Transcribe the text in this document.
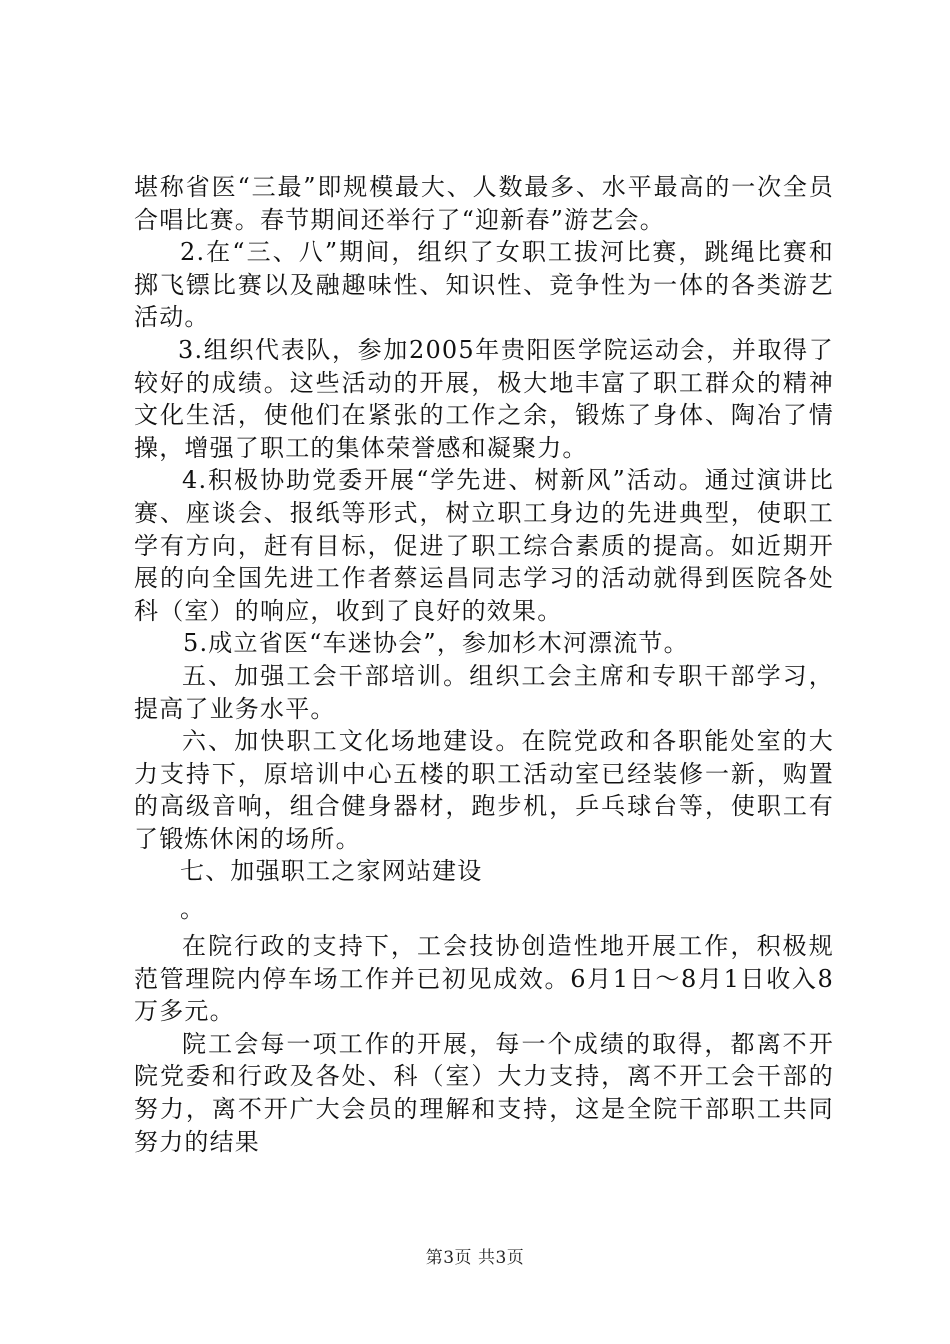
堪称省医“三最”即规模最大、人数最多、水平最高的一次全员合唱比赛。春节期间还举行了“迎新春”游艺会。

2.在“三、八”期间，组织了女职工拔河比赛，跳绳比赛和掷飞镖比赛以及融趣味性、知识性、竞争性为一体的各类游艺活动。

3.组织代表队，参加2005年贵阳医学院运动会，并取得了较好的成绩。这些活动的开展，极大地丰富了职工群众的精神文化生活，使他们在紧张的工作之余，锻炼了身体、陶冶了情操，增强了职工的集体荣誉感和凝聚力。

4.积极协助党委开展“学先进、树新风”活动。通过演讲比赛、座谈会、报纸等形式，树立职工身边的先进典型，使职工学有方向，赶有目标，促进了职工综合素质的提高。如近期开展的向全国先进工作者蔡运昌同志学习的活动就得到医院各处科（室）的响应，收到了良好的效果。

5.成立省医“车迷协会”，参加杉木河漂流节。

五、加强工会干部培训。组织工会主席和专职干部学习，提高了业务水平。

六、加快职工文化场地建设。在院党政和各职能处室的大力支持下，原培训中心五楼的职工活动室已经装修一新，购置的高级音响，组合健身器材，跑步机，乒乓球台等，使职工有了锻炼休闲的场所。

七、加强职工之家网站建设

。

在院行政的支持下，工会技协创造性地开展工作，积极规范管理院内停车场工作并已初见成效。6月1日～8月1日收入8万多元。

院工会每一项工作的开展，每一个成绩的取得，都离不开院党委和行政及各处、科（室）大力支持，离不开工会干部的努力，离不开广大会员的理解和支持，这是全院干部职工共同努力的结果

第3页 共3页
